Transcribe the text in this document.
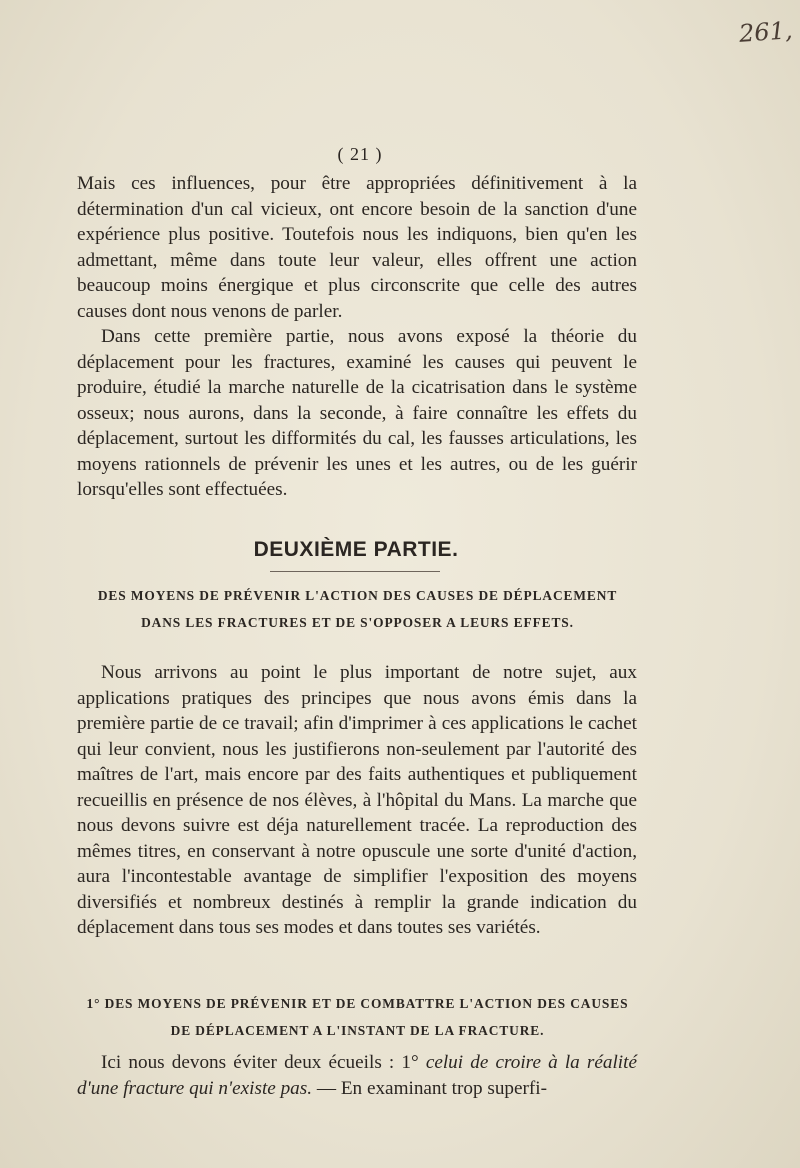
261,
( 21 )

Mais ces influences, pour être appropriées définitivement à la détermination d'un cal vicieux, ont encore besoin de la sanction d'une expérience plus positive. Toutefois nous les indiquons, bien qu'en les admettant, même dans toute leur valeur, elles offrent une action beaucoup moins énergique et plus circonscrite que celle des autres causes dont nous venons de parler.

Dans cette première partie, nous avons exposé la théorie du déplacement pour les fractures, examiné les causes qui peuvent le produire, étudié la marche naturelle de la cicatrisation dans le système osseux; nous aurons, dans la seconde, à faire connaître les effets du déplacement, surtout les difformités du cal, les fausses articulations, les moyens rationnels de prévenir les unes et les autres, ou de les guérir lorsqu'elles sont effectuées.

DEUXIÈME PARTIE.
DES MOYENS DE PRÉVENIR L'ACTION DES CAUSES DE DÉPLACEMENT
DANS LES FRACTURES ET DE S'OPPOSER A LEURS EFFETS.

Nous arrivons au point le plus important de notre sujet, aux applications pratiques des principes que nous avons émis dans la première partie de ce travail; afin d'imprimer à ces applications le cachet qui leur convient, nous les justifierons non-seulement par l'autorité des maîtres de l'art, mais encore par des faits authentiques et publiquement recueillis en présence de nos élèves, à l'hôpital du Mans. La marche que nous devons suivre est déja naturellement tracée. La reproduction des mêmes titres, en conservant à notre opuscule une sorte d'unité d'action, aura l'incontestable avantage de simplifier l'exposition des moyens diversifiés et nombreux destinés à remplir la grande indication du déplacement dans tous ses modes et dans toutes ses variétés.

1° DES MOYENS DE PRÉVENIR ET DE COMBATTRE L'ACTION DES CAUSES
DE DÉPLACEMENT A L'INSTANT DE LA FRACTURE.

Ici nous devons éviter deux écueils : 1° celui de croire à la réalité d'une fracture qui n'existe pas. — En examinant trop superfi-
